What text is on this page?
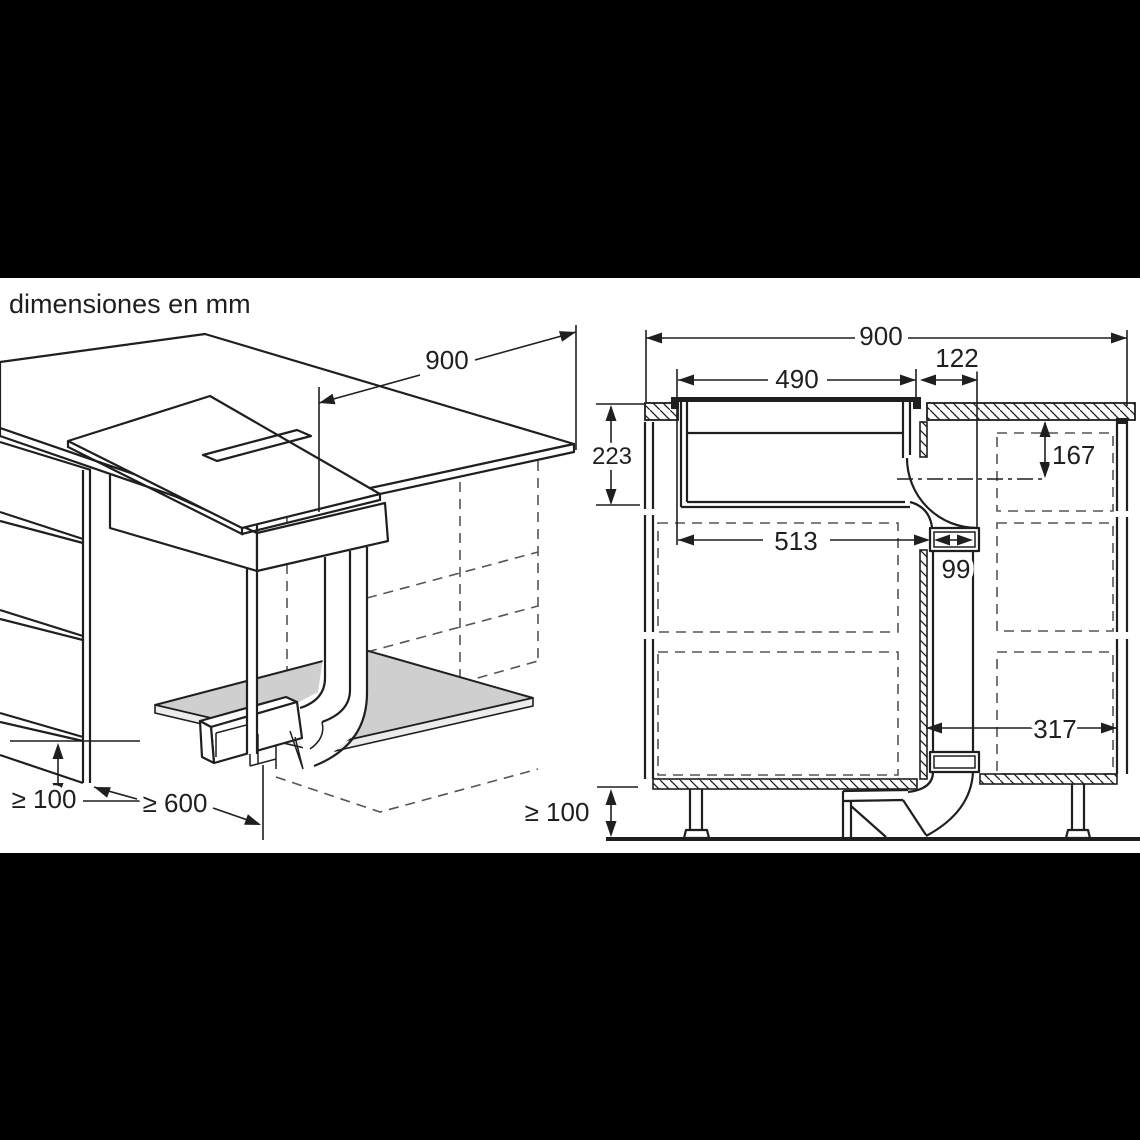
dimensiones en mm
900
≥ 100	≥ 600
900
490
122
223	167
513
99
317
≥ 100
